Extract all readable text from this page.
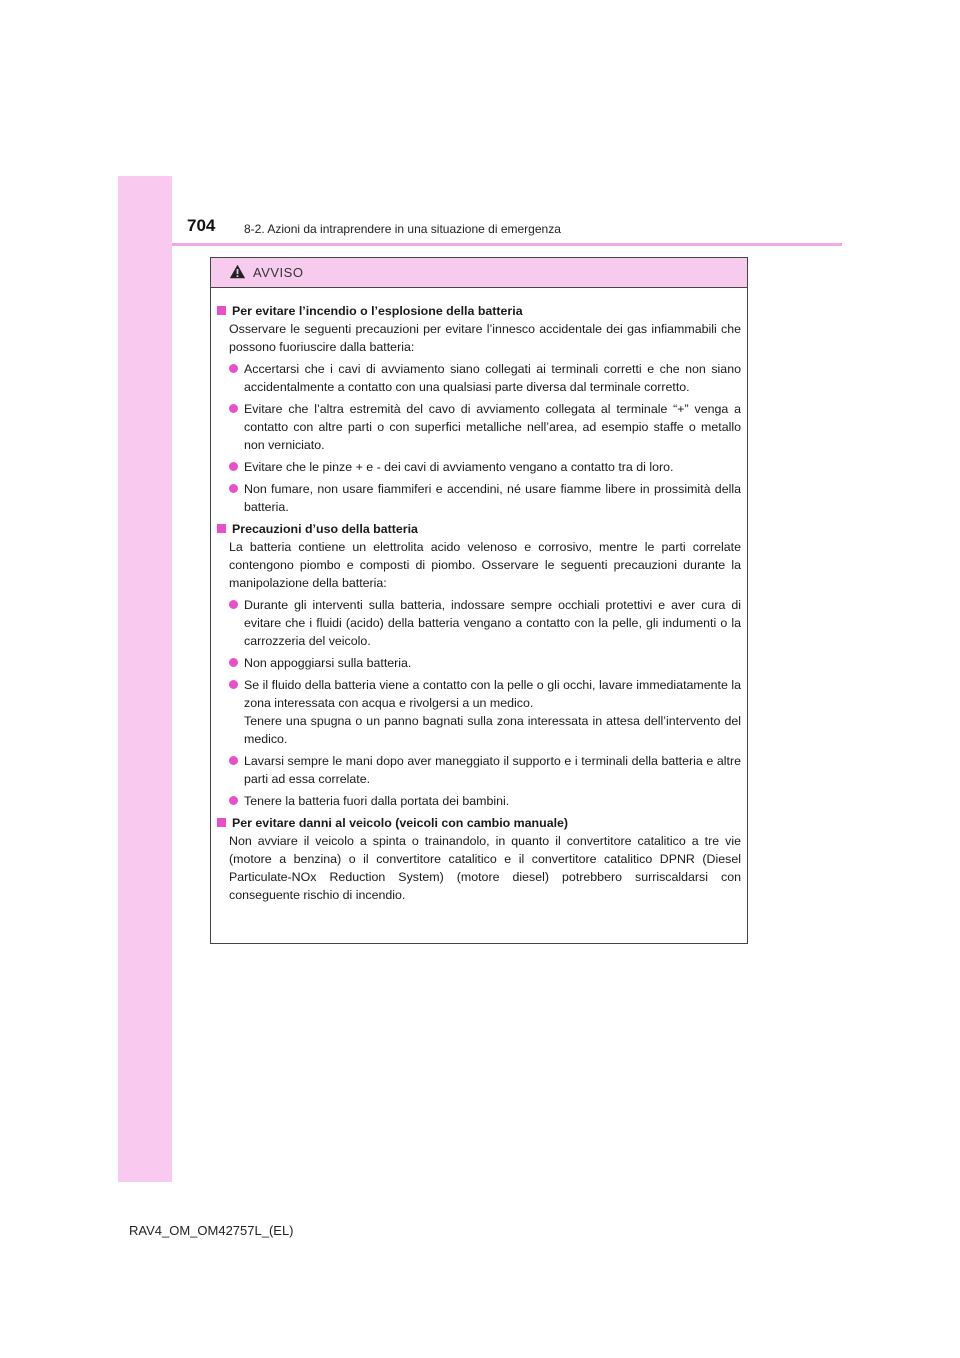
704 8-2. Azioni da intraprendere in una situazione di emergenza
AVVISO
Per evitare l’incendio o l’esplosione della batteria
Osservare le seguenti precauzioni per evitare l’innesco accidentale dei gas infiammabili che possono fuoriuscire dalla batteria:
Accertarsi che i cavi di avviamento siano collegati ai terminali corretti e che non siano accidentalmente a contatto con una qualsiasi parte diversa dal terminale corretto.
Evitare che l’altra estremità del cavo di avviamento collegata al terminale “+” venga a contatto con altre parti o con superfici metalliche nell’area, ad esempio staffe o metallo non verniciato.
Evitare che le pinze + e - dei cavi di avviamento vengano a contatto tra di loro.
Non fumare, non usare fiammiferi e accendini, né usare fiamme libere in prossimità della batteria.
Precauzioni d’uso della batteria
La batteria contiene un elettrolita acido velenoso e corrosivo, mentre le parti correlate contengono piombo e composti di piombo. Osservare le seguenti precauzioni durante la manipolazione della batteria:
Durante gli interventi sulla batteria, indossare sempre occhiali protettivi e aver cura di evitare che i fluidi (acido) della batteria vengano a contatto con la pelle, gli indumenti o la carrozzeria del veicolo.
Non appoggiarsi sulla batteria.
Se il fluido della batteria viene a contatto con la pelle o gli occhi, lavare immediatamente la zona interessata con acqua e rivolgersi a un medico.
Tenere una spugna o un panno bagnati sulla zona interessata in attesa dell’intervento del medico.
Lavarsi sempre le mani dopo aver maneggiato il supporto e i terminali della batteria e altre parti ad essa correlate.
Tenere la batteria fuori dalla portata dei bambini.
Per evitare danni al veicolo (veicoli con cambio manuale)
Non avviare il veicolo a spinta o trainandolo, in quanto il convertitore catalitico a tre vie (motore a benzina) o il convertitore catalitico e il convertitore catalitico DPNR (Diesel Particulate-NOx Reduction System) (motore diesel) potrebbero surriscaldarsi con conseguente rischio di incendio.
RAV4_OM_OM42757L_(EL)
